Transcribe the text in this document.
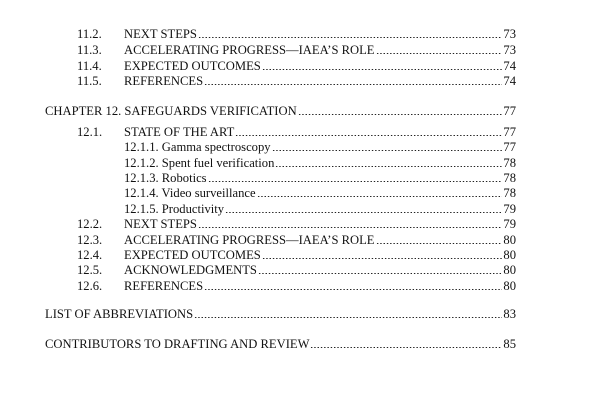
11.2.	NEXT STEPS	73
11.3.	ACCELERATING PROGRESS—IAEA’S ROLE	73
11.4.	EXPECTED OUTCOMES	74
11.5.	REFERENCES	74
CHAPTER 12. SAFEGUARDS VERIFICATION	77
12.1.	STATE OF THE ART	77
12.1.1. Gamma spectroscopy	77
12.1.2. Spent fuel verification	78
12.1.3. Robotics	78
12.1.4. Video surveillance	78
12.1.5. Productivity	79
12.2.	NEXT STEPS	79
12.3.	ACCELERATING PROGRESS—IAEA’S ROLE	80
12.4.	EXPECTED OUTCOMES	80
12.5.	ACKNOWLEDGMENTS	80
12.6.	REFERENCES	80
LIST OF ABBREVIATIONS	83
CONTRIBUTORS TO DRAFTING AND REVIEW	85
